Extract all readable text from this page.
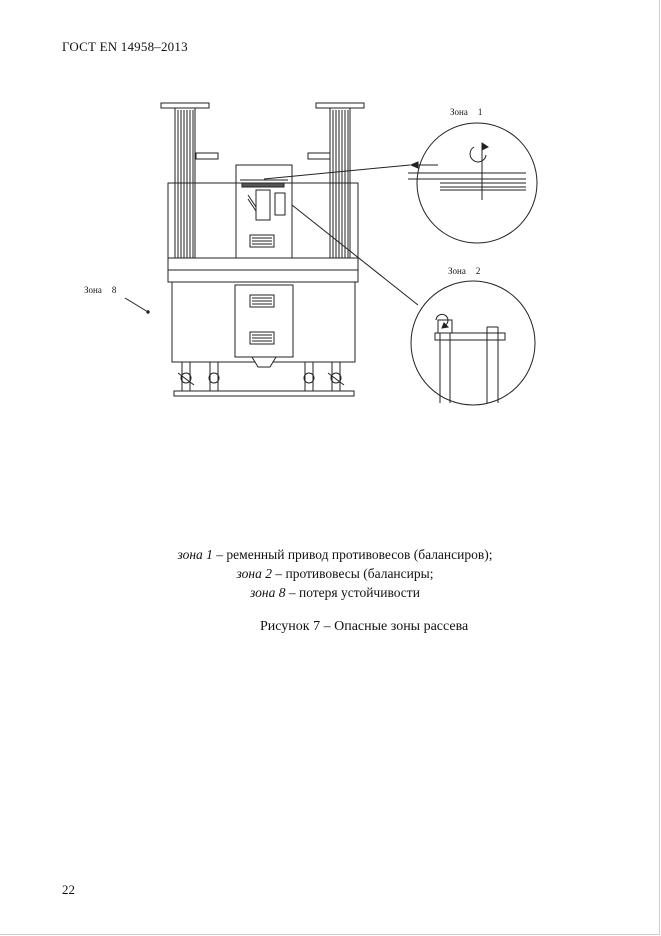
ГОСТ EN 14958–2013
Зона 1
Зона 2
Зона 8
зона 1 – ременный привод противовесов (балансиров);
зона 2 – противовесы (балансиры;
зона 8 – потеря устойчивости
Рисунок 7 – Опасные зоны рассева
22
